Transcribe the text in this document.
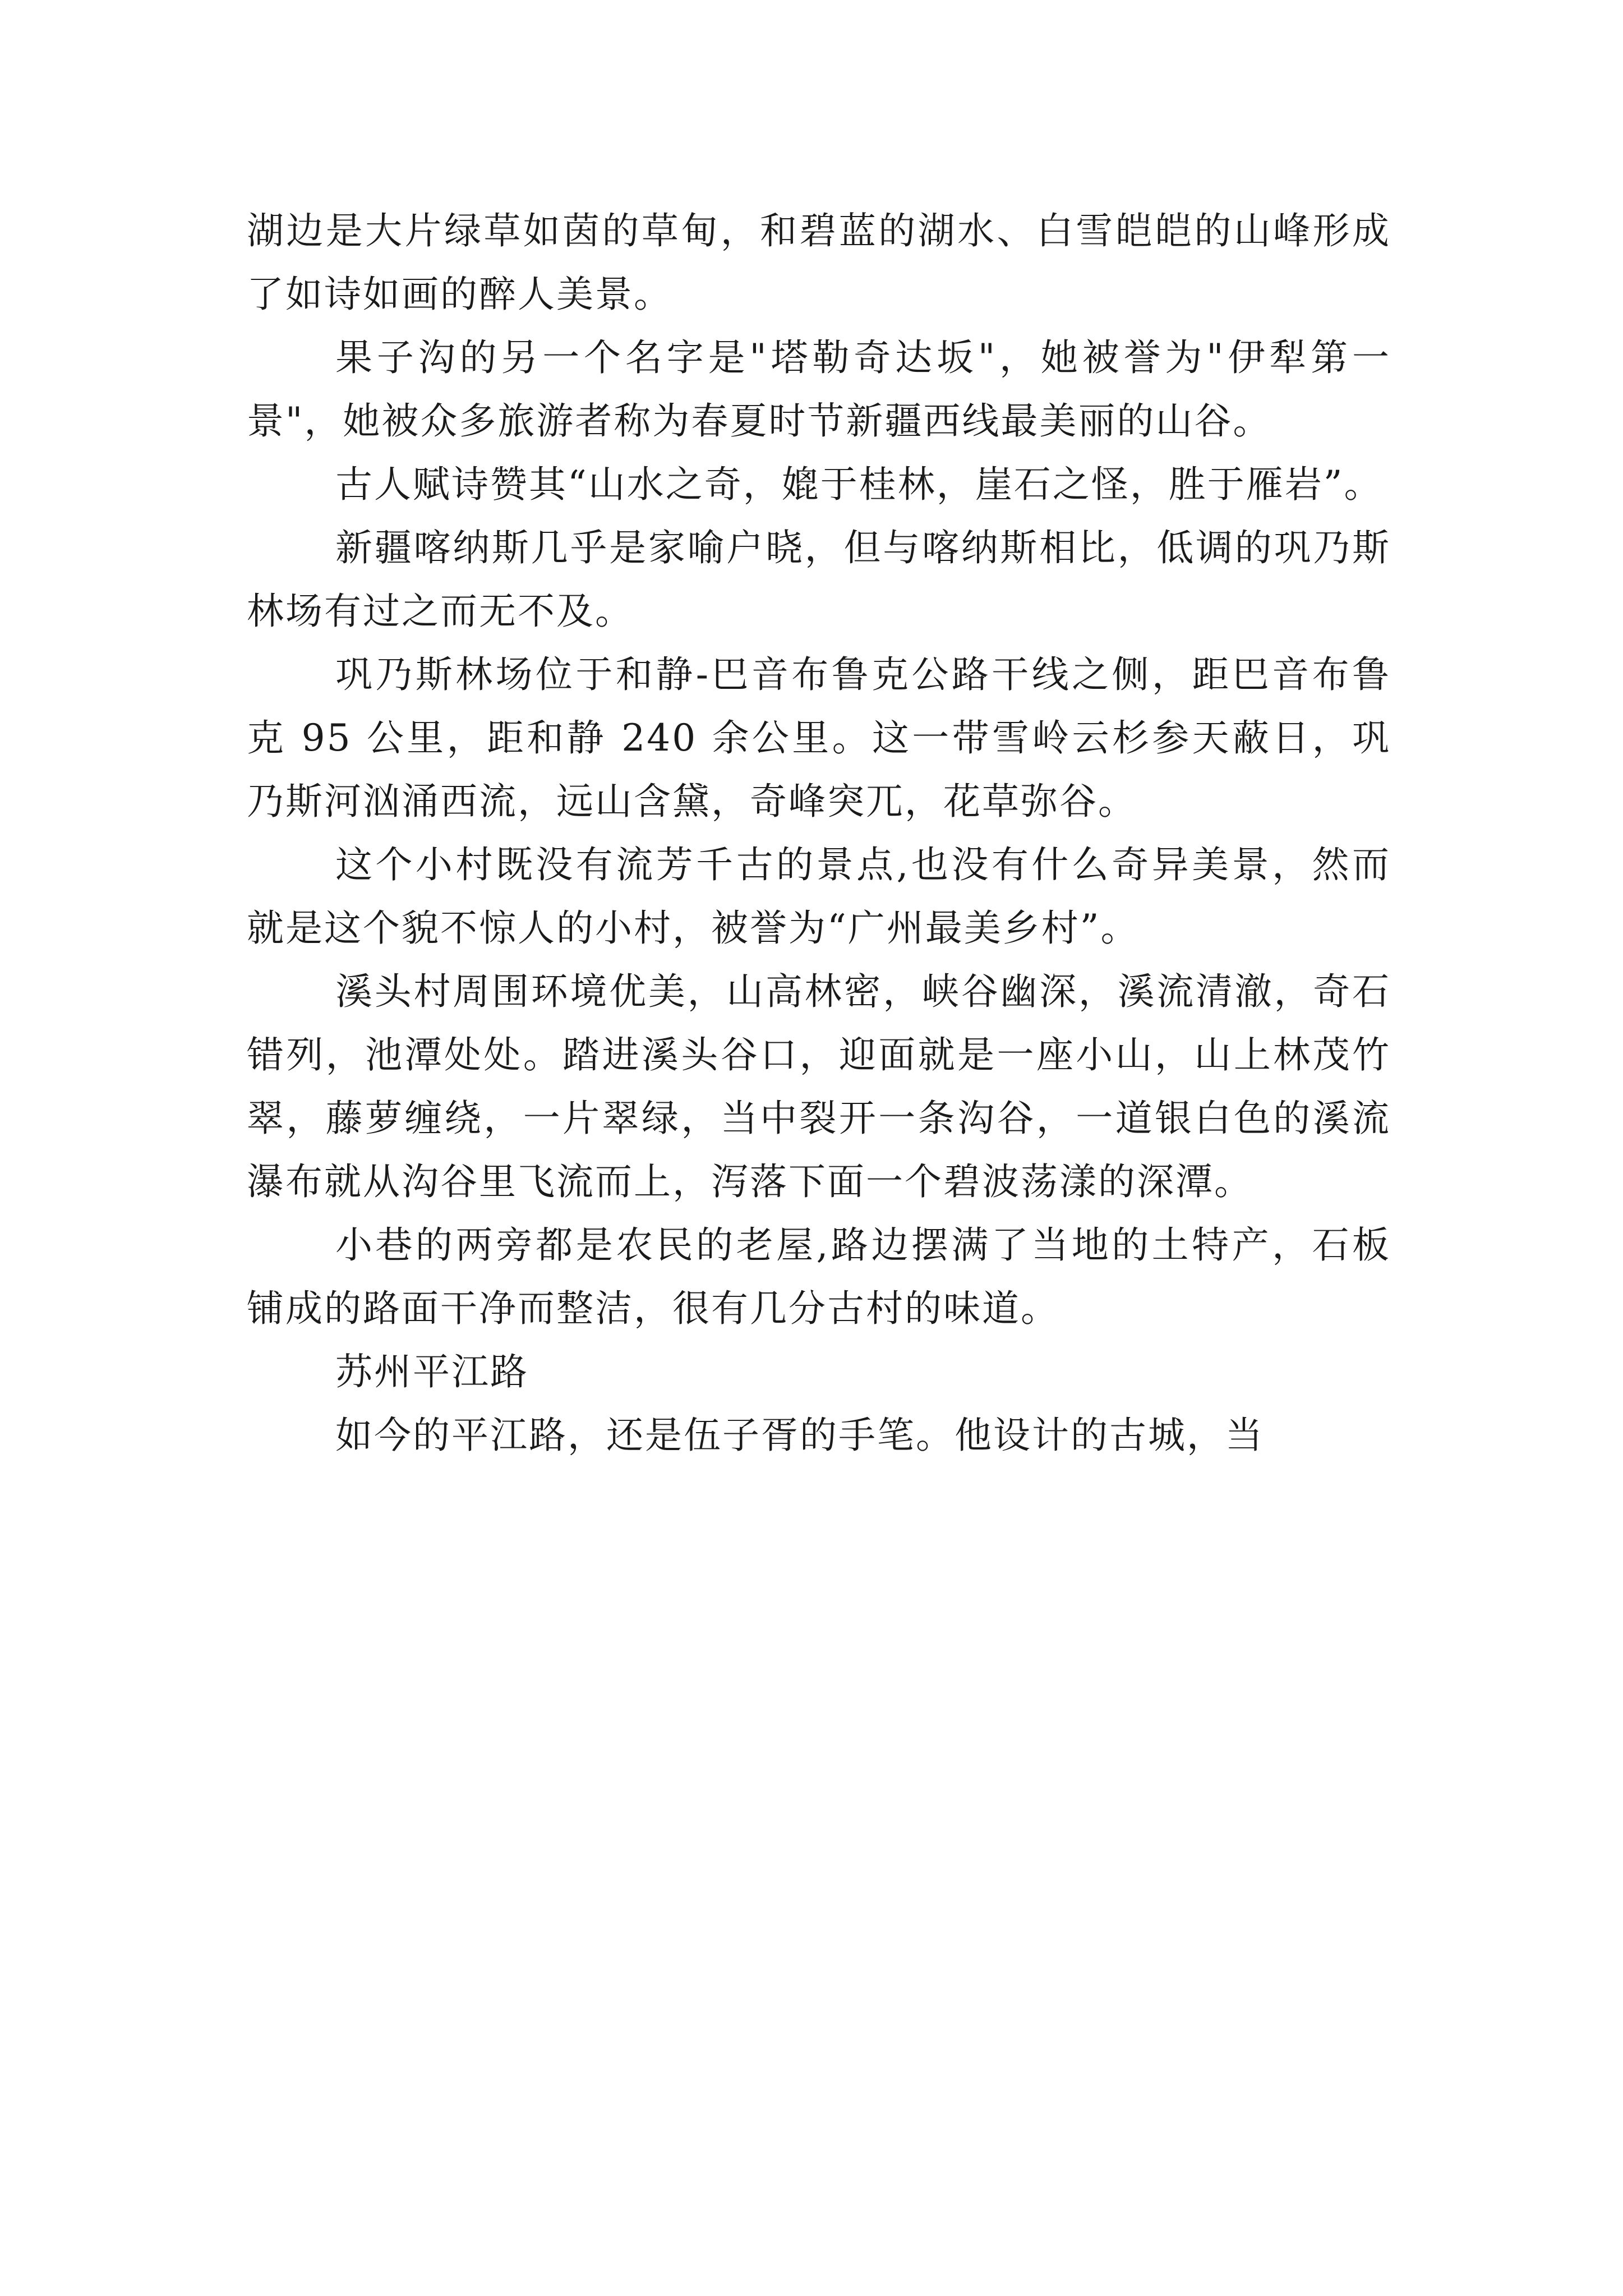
湖边是大片绿草如茵的草甸，和碧蓝的湖水、白雪皑皑的山峰形成了如诗如画的醉人美景。

果子沟的另一个名字是"塔勒奇达坂"，她被誉为"伊犁第一景"，她被众多旅游者称为春夏时节新疆西线最美丽的山谷。

古人赋诗赞其“山水之奇，媲于桂林，崖石之怪，胜于雁岩”。

新疆喀纳斯几乎是家喻户晓，但与喀纳斯相比，低调的巩乃斯林场有过之而无不及。

巩乃斯林场位于和静-巴音布鲁克公路干线之侧，距巴音布鲁克 95 公里，距和静 240 余公里。这一带雪岭云杉参天蔽日，巩乃斯河汹涌西流，远山含黛，奇峰突兀，花草弥谷。

这个小村既没有流芳千古的景点,也没有什么奇异美景，然而就是这个貌不惊人的小村，被誉为“广州最美乡村”。

溪头村周围环境优美，山高林密，峡谷幽深，溪流清澈，奇石错列，池潭处处。踏进溪头谷口，迎面就是一座小山，山上林茂竹翠，藤萝缠绕，一片翠绿，当中裂开一条沟谷，一道银白色的溪流瀑布就从沟谷里飞流而上，泻落下面一个碧波荡漾的深潭。

小巷的两旁都是农民的老屋,路边摆满了当地的土特产，石板铺成的路面干净而整洁，很有几分古村的味道。

苏州平江路

如今的平江路，还是伍子胥的手笔。他设计的古城，当
